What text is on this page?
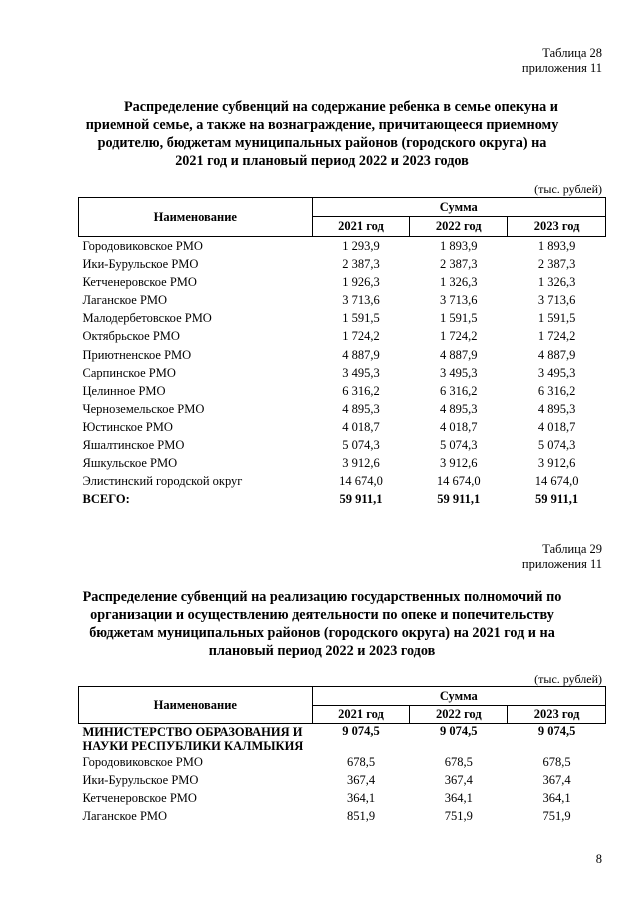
Таблица 28
приложения 11
Распределение субвенций на содержание ребенка в семье опекуна и приемной семье, а также на вознаграждение, причитающееся приемному родителю, бюджетам муниципальных районов (городского округа) на 2021 год и плановый период 2022 и 2023 годов
(тыс. рублей)
Наименование	Сумма		
	2021 год	2022 год	2023 год
Городовиковское РМО	1 293,9	1 893,9	1 893,9
Ики-Бурульское РМО	2 387,3	2 387,3	2 387,3
Кетченеровское РМО	1 926,3	1 326,3	1 326,3
Лаганское РМО	3 713,6	3 713,6	3 713,6
Малодербетовское РМО	1 591,5	1 591,5	1 591,5
Октябрьское РМО	1 724,2	1 724,2	1 724,2
Приютненское РМО	4 887,9	4 887,9	4 887,9
Сарпинское РМО	3 495,3	3 495,3	3 495,3
Целинное РМО	6 316,2	6 316,2	6 316,2
Черноземельское РМО	4 895,3	4 895,3	4 895,3
Юстинское РМО	4 018,7	4 018,7	4 018,7
Яшалтинское РМО	5 074,3	5 074,3	5 074,3
Яшкульское РМО	3 912,6	3 912,6	3 912,6
Элистинский городской округ	14 674,0	14 674,0	14 674,0
ВСЕГО:	59 911,1	59 911,1	59 911,1
Таблица 29
приложения 11
Распределение субвенций на реализацию государственных полномочий по организации и осуществлению деятельности по опеке и попечительству бюджетам муниципальных районов (городского округа) на 2021 год и на плановый период 2022 и 2023 годов
(тыс. рублей)
Наименование	Сумма		
	2021 год	2022 год	2023 год
МИНИСТЕРСТВО ОБРАЗОВАНИЯ И НАУКИ РЕСПУБЛИКИ КАЛМЫКИЯ	9 074,5	9 074,5	9 074,5
Городовиковское РМО	678,5	678,5	678,5
Ики-Бурульское РМО	367,4	367,4	367,4
Кетченеровское РМО	364,1	364,1	364,1
Лаганское РМО	851,9	751,9	751,9
8
